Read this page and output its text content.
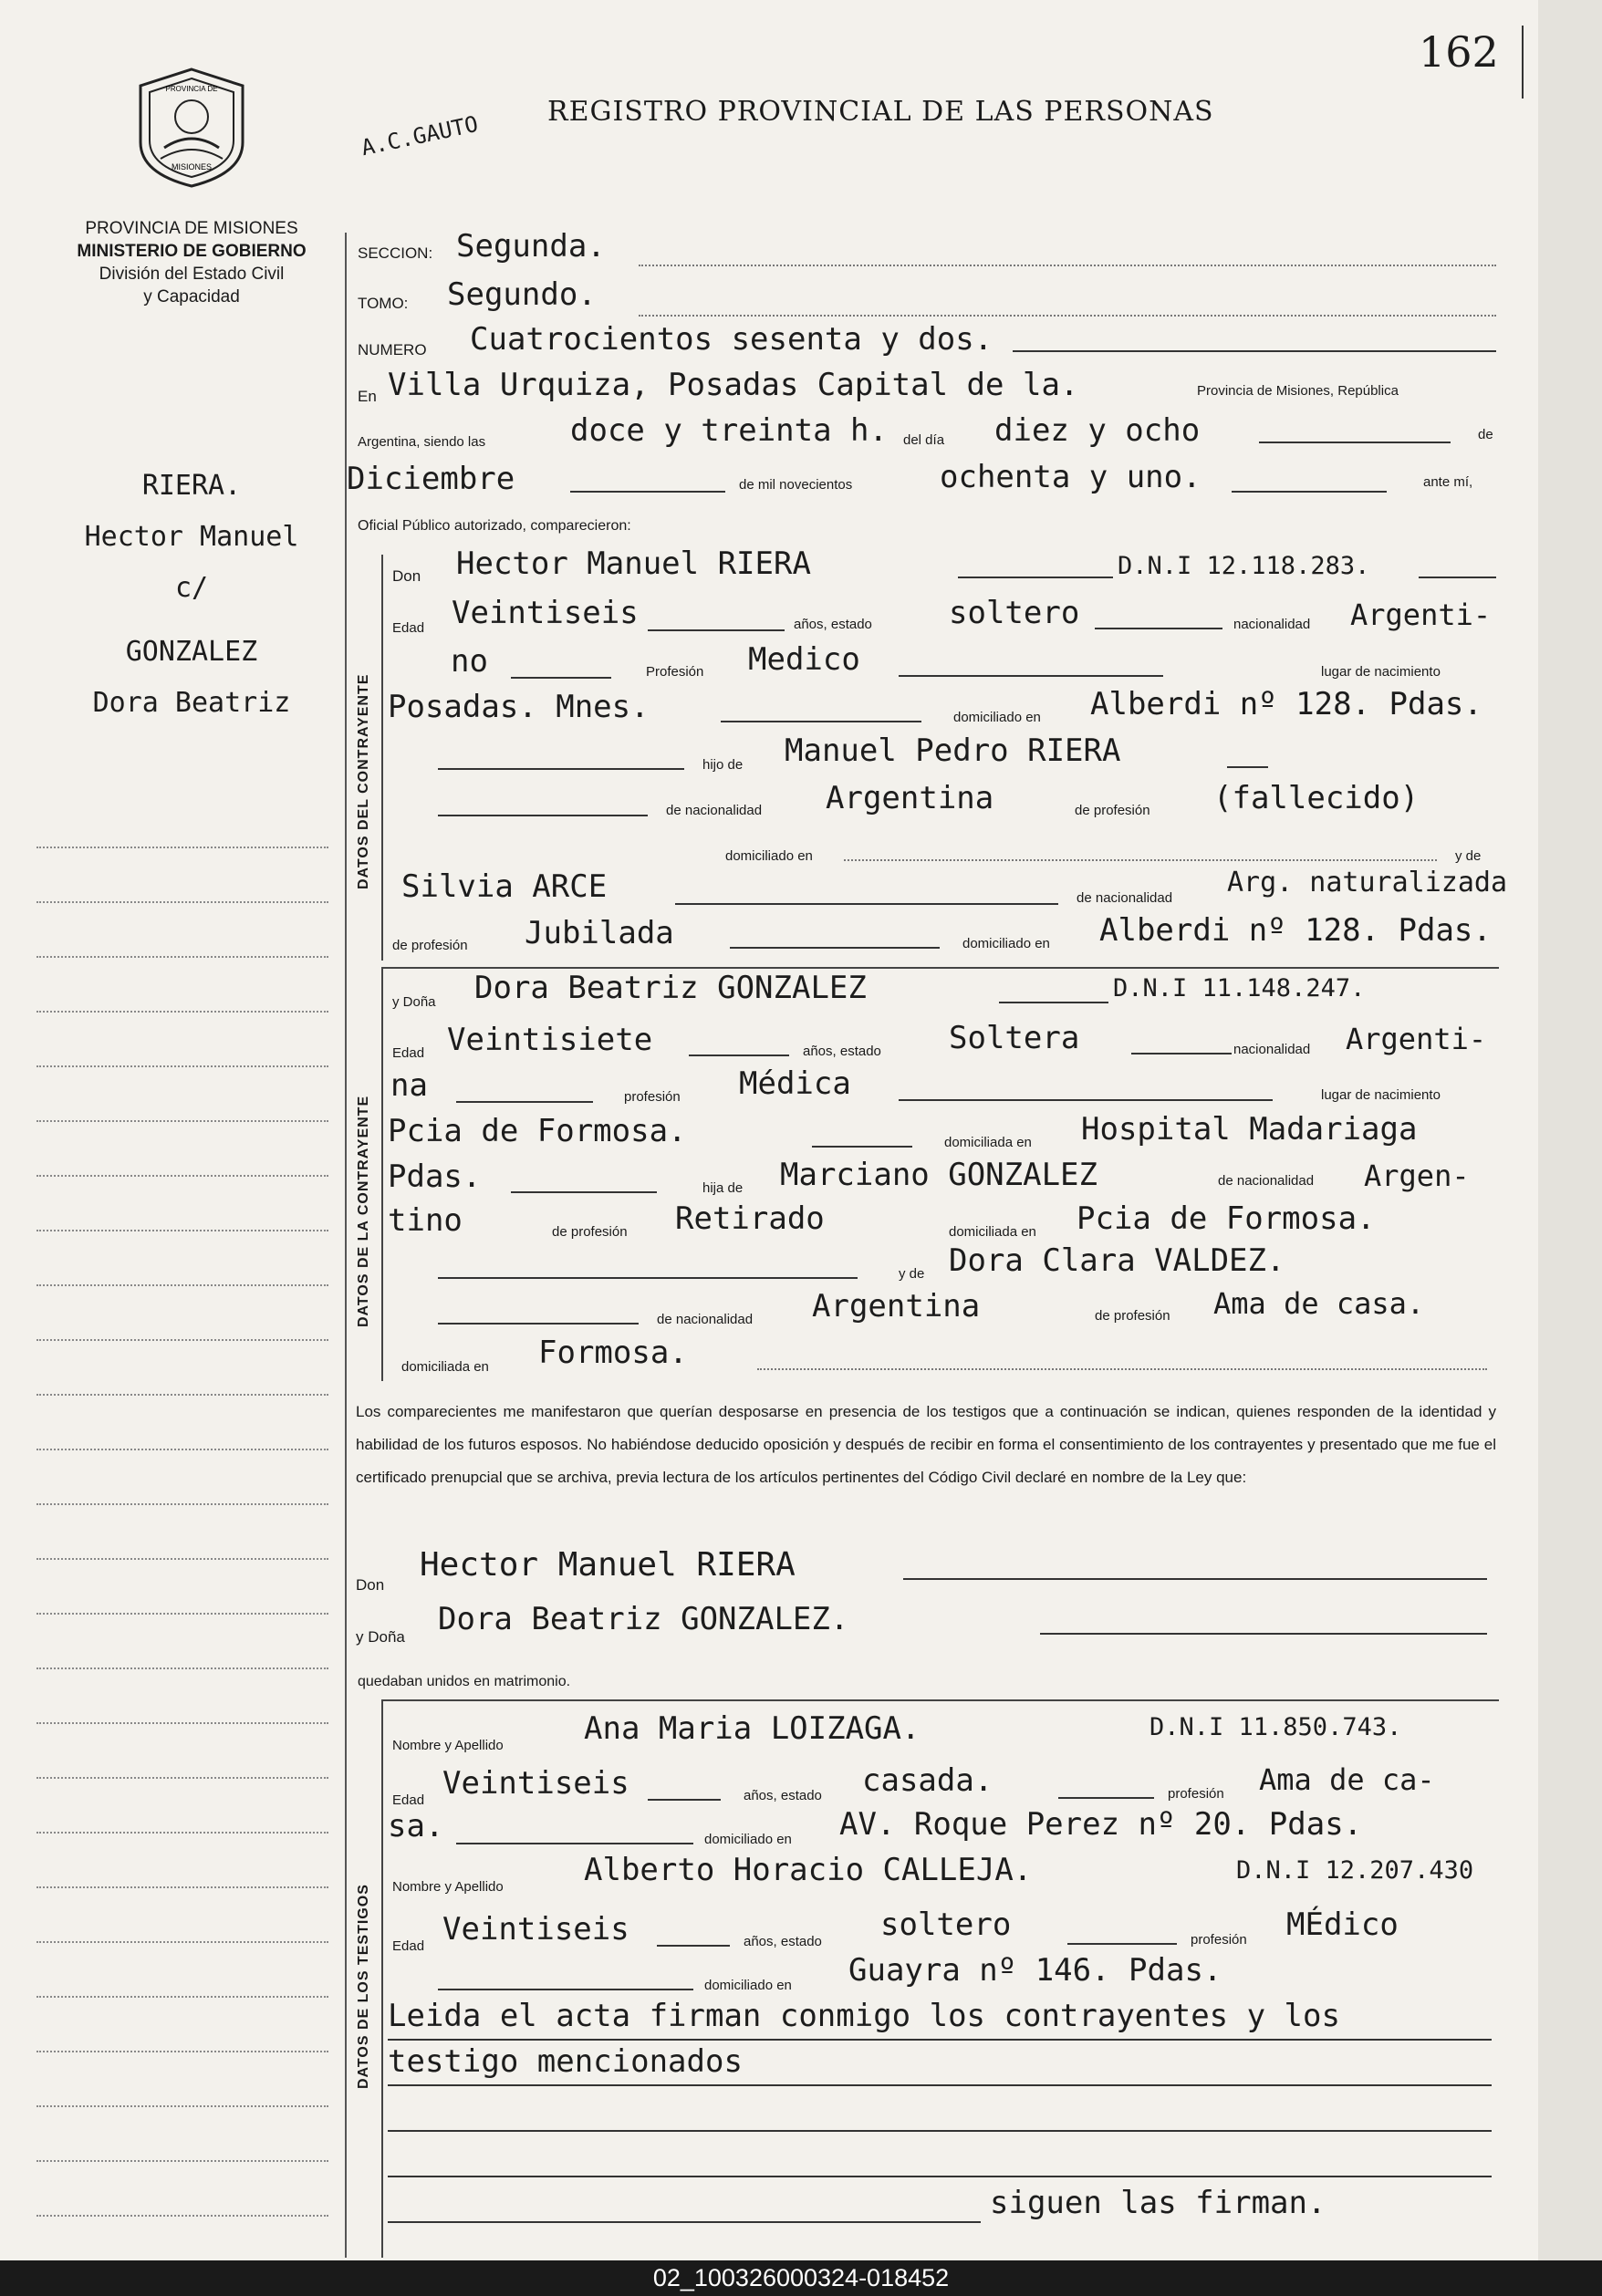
162
PROVINCIA DE
MISIONES
PROVINCIA DE MISIONES
MINISTERIO DE GOBIERNO
División del Estado Civil
y Capacidad
A.C.GAUTO REGISTRO PROVINCIAL DE LAS PERSONAS
RIERA.
Hector Manuel
c/
GONZALEZ
Dora Beatriz
SECCION: Segunda.
TOMO: Segundo.
NUMERO Cuatrocientos sesenta y dos.
En Villa Urquiza, Posadas Capital de la.	Provincia de Misiones, República
Argentina, siendo las	doce y treinta h. del día diez y ocho	de
Diciembre	de mil novecientos	ochenta y uno.	ante mí,
Oficial Público autorizado, comparecieron:
DATOS DEL CONTRAYENTE
Don Hector Manuel RIERA	D.N.I 12.118.283.
Edad Veintiseis	años, estado soltero	nacionalidad Argenti-
no	Profesión Medico	lugar de nacimiento
Posadas. Mnes.	domiciliado en Alberdi nº 128. Pdas.
hijo de Manuel Pedro RIERA
de nacionalidad Argentina	de profesión (fallecido)
domiciliado en	y de
Silvia ARCE	de nacionalidad Arg. naturalizada
de profesión Jubilada	domiciliado en Alberdi nº 128. Pdas.
DATOS DE LA CONTRAYENTE
y Doña Dora Beatriz GONZALEZ	D.N.I 11.148.247.
Edad Veintisiete	años, estado Soltera	nacionalidad Argenti-
na	profesión Médica	lugar de nacimiento
Pcia de Formosa.	domiciliada en Hospital Madariaga
Pdas.	hija de Marciano GONZALEZ	de nacionalidad Argen-
tino	de profesión Retirado	domiciliada en Pcia de Formosa.
y de Dora Clara VALDEZ.
de nacionalidad Argentina	de profesión Ama de casa.
domiciliada en Formosa.
Los comparecientes me manifestaron que querían desposarse en presencia de los testigos que a continuación se indican, quienes responden de la identidad y habilidad de los futuros esposos. No habiéndose deducido oposición y después de recibir en forma el consentimiento de los contrayentes y presentado que me fue el certificado prenupcial que se archiva, previa lectura de los artículos pertinentes del Código Civil declaré en nombre de la Ley que:
Don
Hector Manuel RIERA
y Doña Dora Beatriz GONZALEZ.
quedaban unidos en matrimonio.
DATOS DE LOS TESTIGOS
Nombre y Apellido	Ana Maria LOIZAGA.	D.N.I 11.850.743.
Edad Veintiseis	años, estado casada.	profesión Ama de ca-
sa.	domiciliado en AV. Roque Perez nº 20. Pdas.
Nombre y Apellido	Alberto Horacio CALLEJA.	D.N.I 12.207.430
Edad Veintiseis	años, estado soltero	profesión MÉdico
domiciliado en Guayra nº 146. Pdas.
Leida el acta firman conmigo los contrayentes y los
testigo mencionados
siguen las firman.
02_100326000324-018452
